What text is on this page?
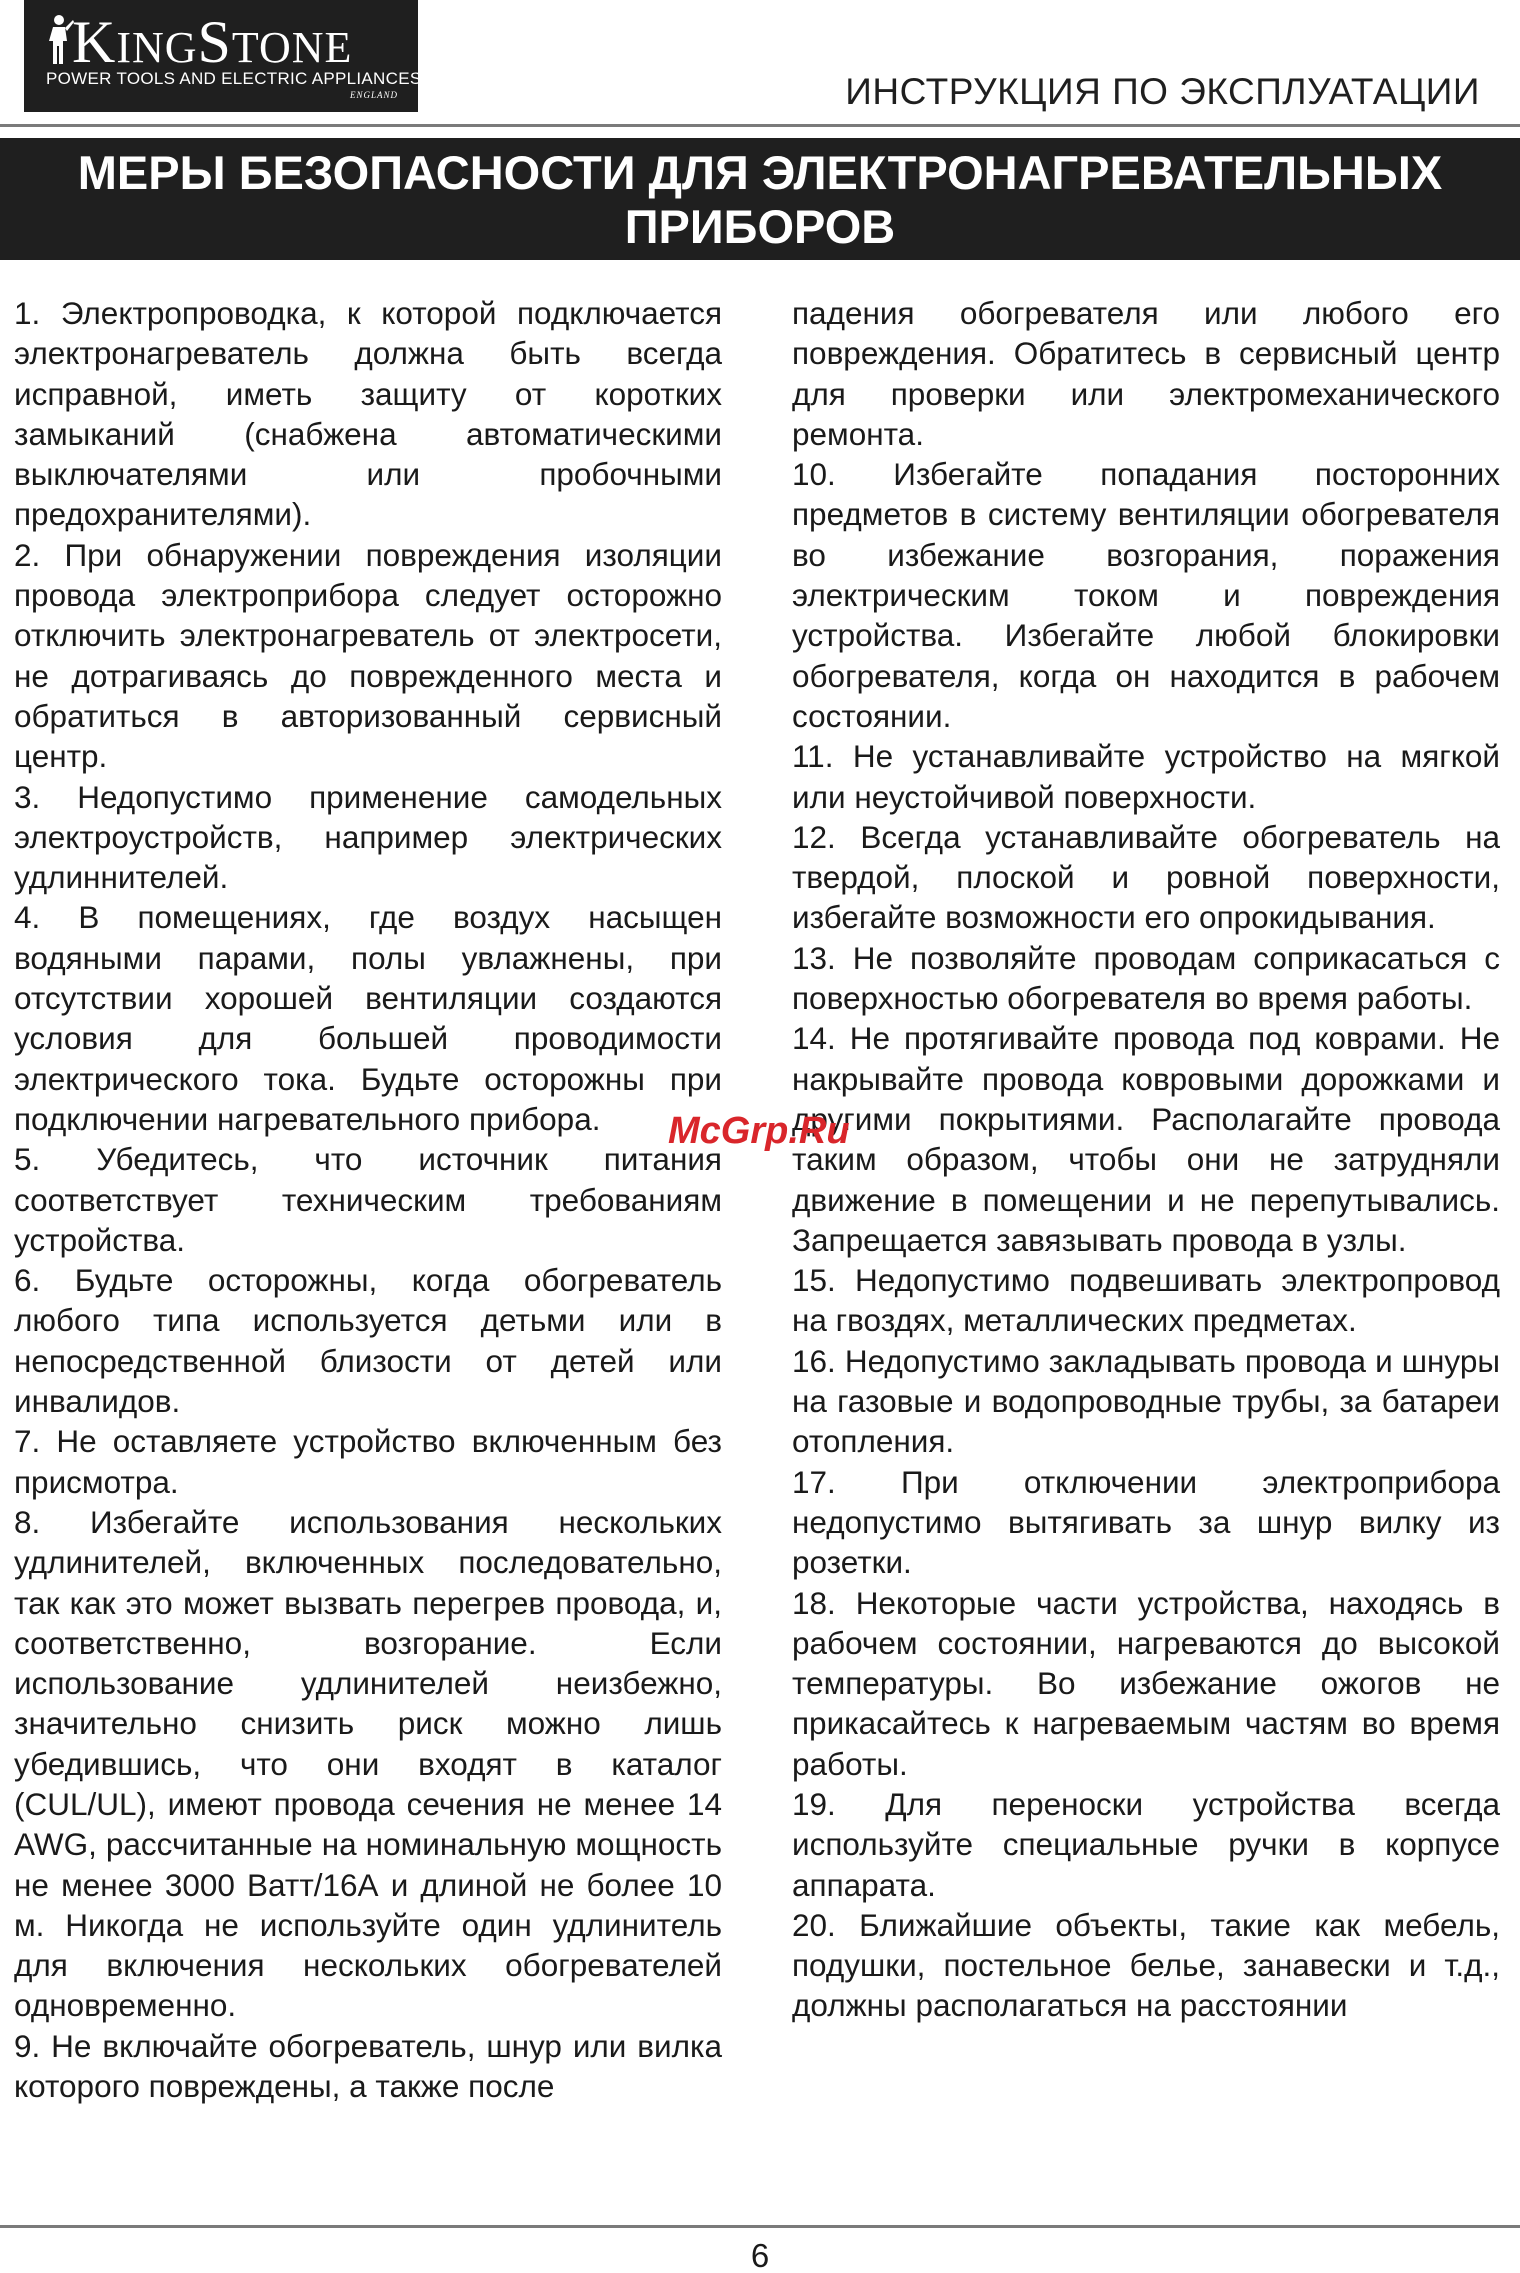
KINGSTONE
POWER TOOLS AND ELECTRIC APPLIANCES
ENGLAND	ИНСТРУКЦИЯ ПО ЭКСПЛУАТАЦИИ
МЕРЫ БЕЗОПАСНОСТИ ДЛЯ ЭЛЕКТРОНАГРЕВАТЕЛЬНЫХ
ПРИБОРОВ

1. Электропроводка, к которой подключается электронагреватель должна быть всегда исправной, иметь защиту от коротких замыканий (снабжена автоматическими выключателями или пробочными предохранителями).

2. При обнаружении повреждения изоляции провода электроприбора следует осторожно отключить электронагреватель от электросети, не дотрагиваясь до поврежденного места и обратиться в авторизованный сервисный центр.

3. Недопустимо применение самодельных электроустройств, например электрических удлиннителей.

4. В помещениях, где воздух насыщен водяными парами, полы увлажнены, при отсутствии хорошей вентиляции создаются условия для большей проводимости электрического тока. Будьте осторожны при подключении нагревательного прибора.

5. Убедитесь, что источник питания соответствует техническим требованиям устройства.

6. Будьте осторожны, когда обогреватель любого типа используется детьми или в непосредственной близости от детей или инвалидов.

7. Не оставляете устройство включенным без присмотра.

8. Избегайте использования нескольких удлинителей, включенных последовательно, так как это может вызвать перегрев провода, и, соответственно, возгорание. Если использование удлинителей неизбежно, значительно снизить риск можно лишь убедившись, что они входят в каталог (CUL/UL), имеют провода сечения не менее 14 AWG, рассчитанные на номинальную мощность не менее 3000 Ватт/16А и длиной не более 10 м. Никогда не используйте один удлинитель для включения нескольких обогревателей одновременно.

9. Не включайте обогреватель, шнур или вилка которого повреждены, а также после

падения обогревателя или любого его повреждения. Обратитесь в сервисный центр для проверки или электромеханического ремонта.

10. Избегайте попадания посторонних предметов в систему вентиляции обогревателя во избежание возгорания, поражения электрическим током и повреждения устройства. Избегайте любой блокировки обогревателя, когда он находится в рабочем состоянии.

11. Не устанавливайте устройство на мягкой или неустойчивой поверхности.

12. Всегда устанавливайте обогреватель на твердой, плоской и ровной поверхности, избегайте возможности его опрокидывания.

13. Не позволяйте проводам соприкасаться с поверхностью обогревателя во время работы.

14. Не протягивайте провода под коврами. Не накрывайте провода ковровыми дорожками и другими покрытиями. Располагайте провода таким образом, чтобы они не затрудняли движение в помещении и не перепутывались. Запрещается завязывать провода в узлы.

15. Недопустимо подвешивать электропровод на гвоздях, металлических предметах.

16. Недопустимо закладывать провода и шнуры на газовые и водопроводные трубы, за батареи отопления.

17. При отключении электроприбора недопустимо вытягивать за шнур вилку из розетки.

18. Некоторые части устройства, находясь в рабочем состоянии, нагреваются до высокой температуры. Во избежание ожогов не прикасайтесь к нагреваемым частям во время работы.

19. Для переноски устройства всегда используйте специальные ручки в корпусе аппарата.

20. Ближайшие объекты, такие как мебель, подушки, постельное белье, занавески и т.д., должны располагаться на расстоянии

McGrp.Ru
6
